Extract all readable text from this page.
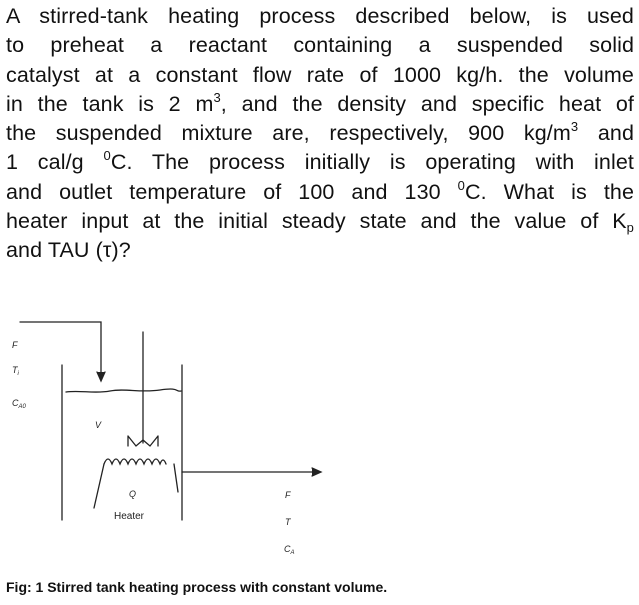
A stirred-tank heating process described below, is used
to preheat a reactant containing a suspended solid
catalyst at a constant flow rate of 1000 kg/h. the volume
in the tank is 2 $m^3$, and the density and specific heat of
the suspended mixture are, respectively, 900 $kg/m^3$ and
1 cal/g $^0$C. The process initially is operating with inlet
and outlet temperature of 100 and 130 $^0$C. What is the
heater input at the initial steady state and the value of $K_p$
and TAU (τ)?
F
$T_i$
$C_{A0}$
V
Q
Heater
F
T
$C_A$
Fig: 1 Stirred tank heating process with constant volume.
